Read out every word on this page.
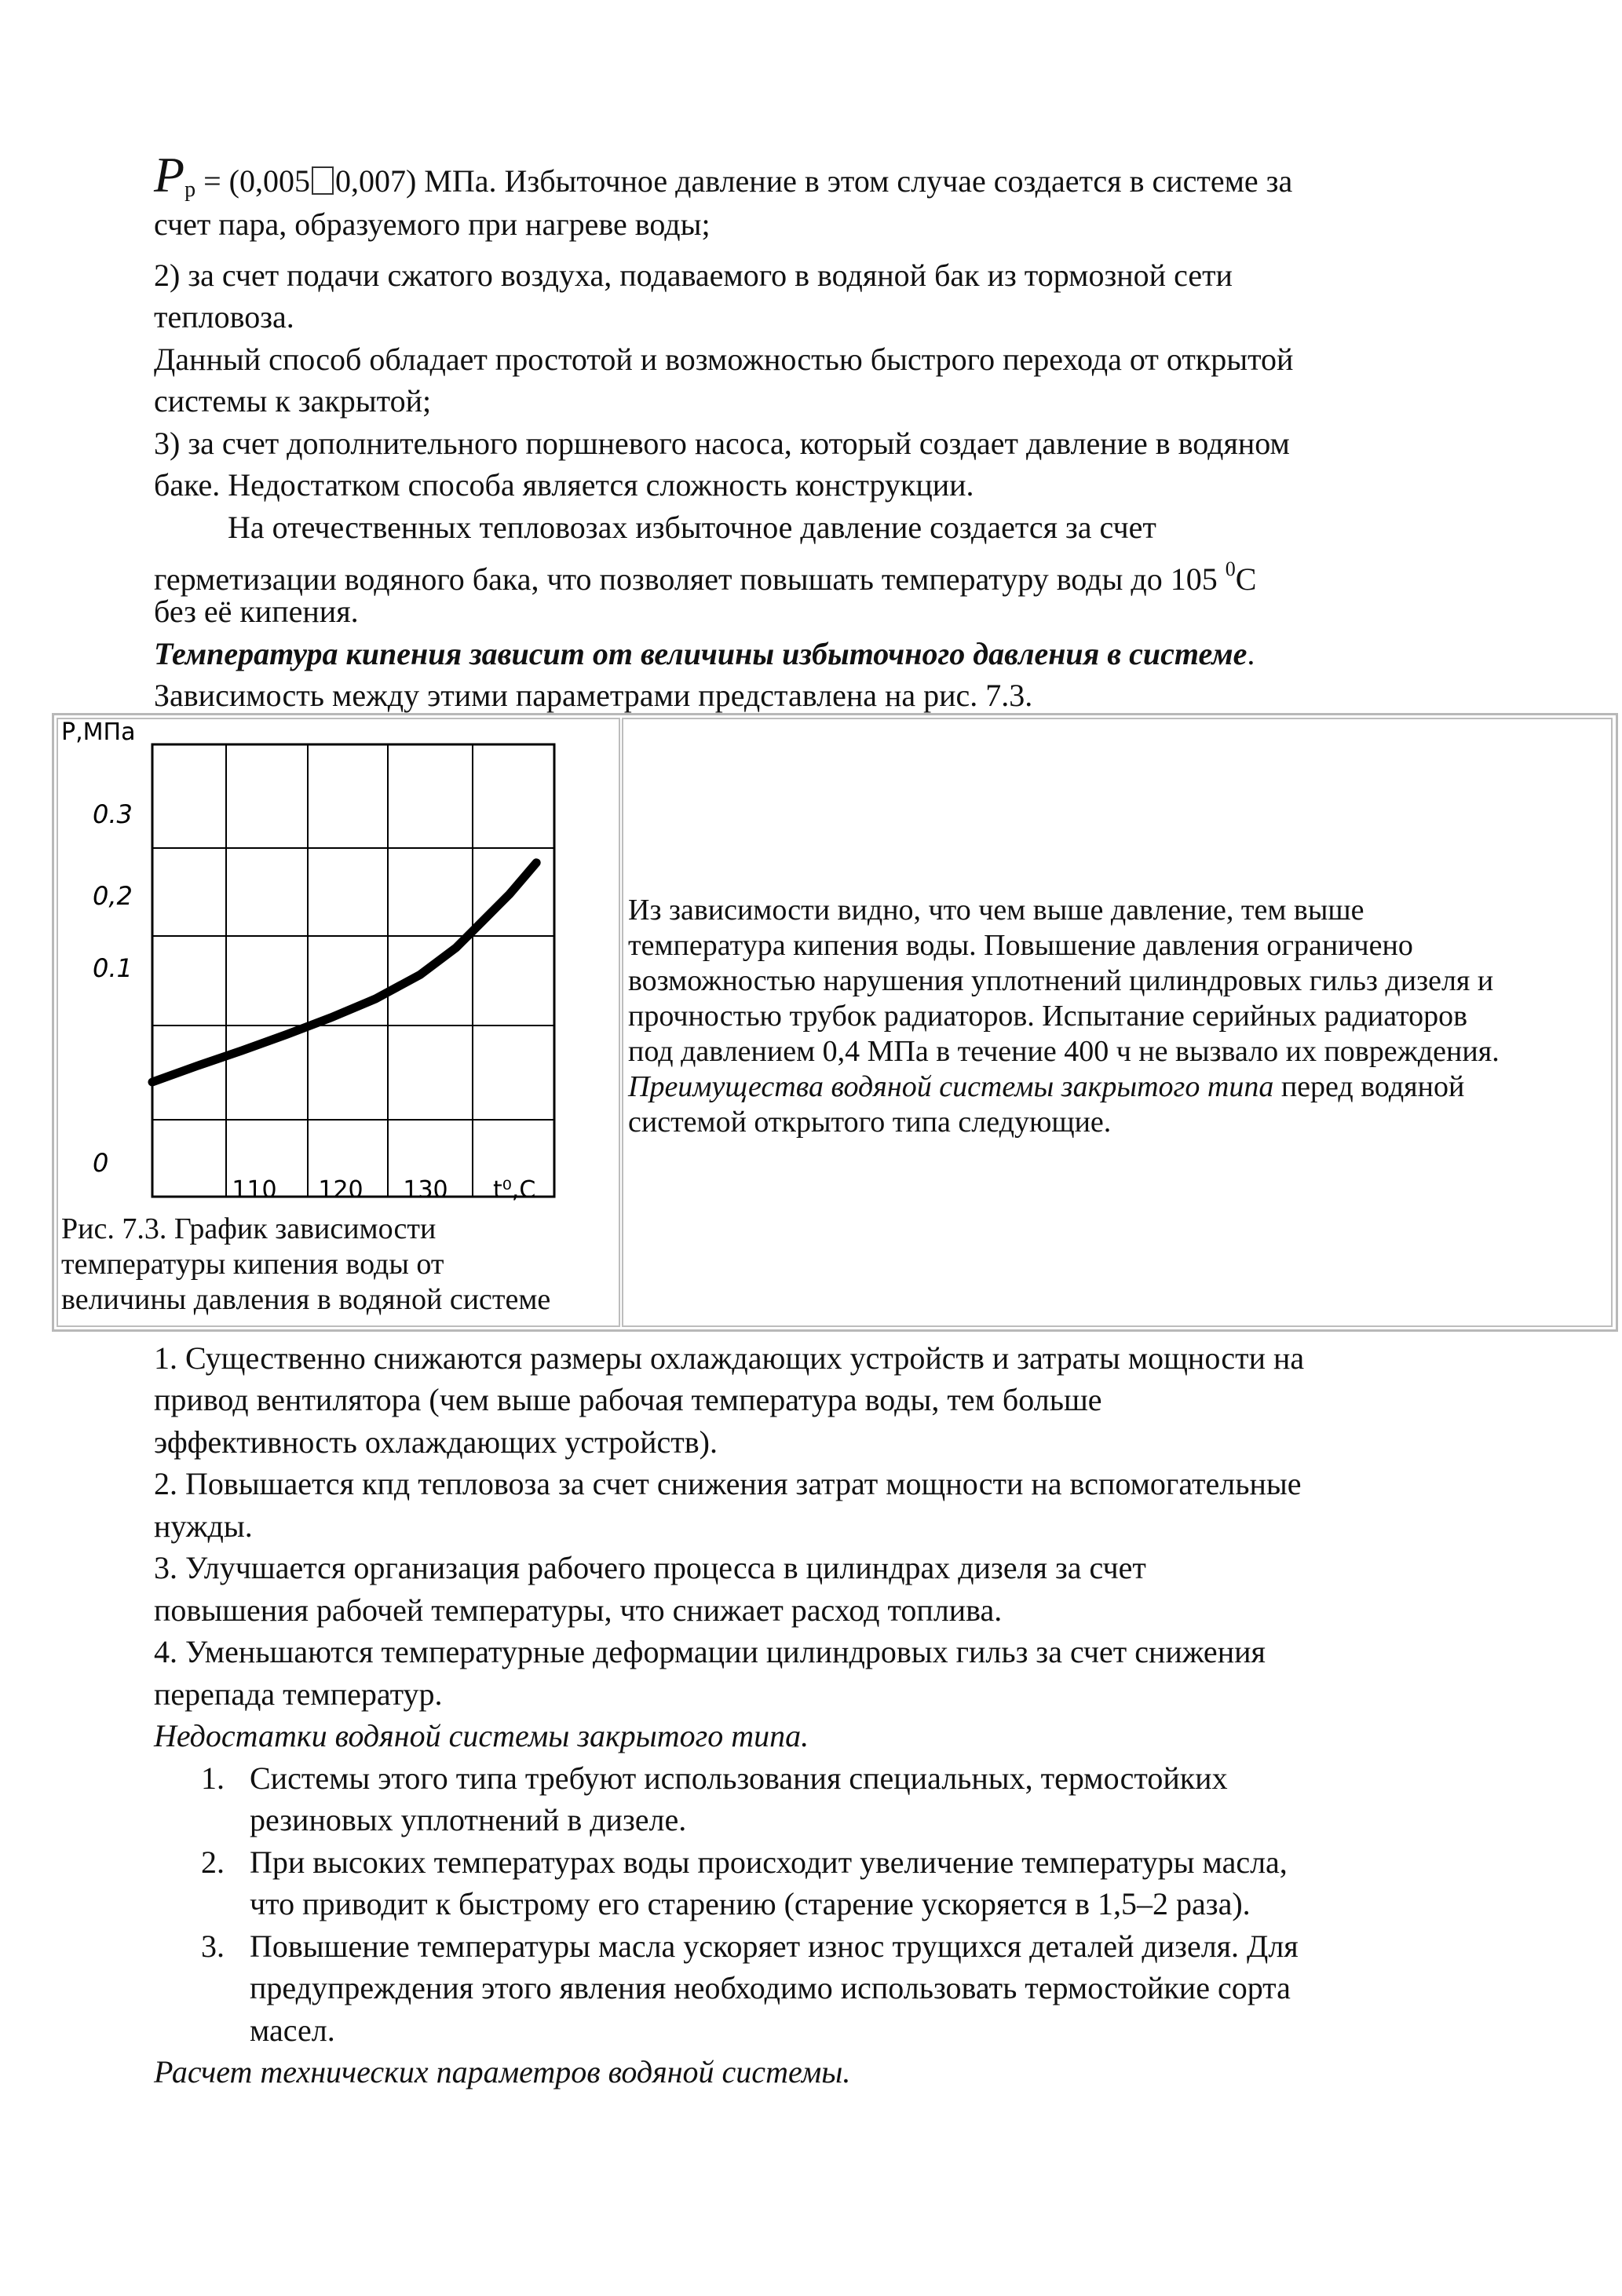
$P_р = (0,005$ 0,007) МПа. Избыточное давление в этом случае создается в системе за
счет пара, образуемого при нагреве воды;
2) за счет подачи сжатого воздуха, подаваемого в водяной бак из тормозной сети
тепловоза.
Данный способ обладает простотой и возможностью быстрого перехода от открытой
системы к закрытой;
3) за счет дополнительного поршневого насоса, который создает давление в водяном
баке. Недостатком способа является сложность конструкции.
На отечественных тепловозах избыточное давление создается за счет
герметизации водяного бака, что позволяет повышать температуру воды до 105 $^0$С
без её кипения.
Температура кипения зависит от величины избыточного давления в системе.
Зависимость между этими параметрами представлена на рис. 7.3.
Р,МПа
0
0.1
0,2
0.3
110 120 130 t⁰,С
Рис. 7.3. График зависимости
температуры кипения воды от
величины давления в водяной системе
Из зависимости видно, что чем выше давление, тем выше
температура кипения воды. Повышение давления ограничено
возможностью нарушения уплотнений цилиндровых гильз дизеля и
прочностью трубок радиаторов. Испытание серийных радиаторов
под давлением 0,4 МПа в течение 400 ч не вызвало их повреждения.
Преимущества водяной системы закрытого типа перед водяной
системой открытого типа следующие.
1. Существенно снижаются размеры охлаждающих устройств и затраты мощности на
привод вентилятора (чем выше рабочая температура воды, тем больше
эффективность охлаждающих устройств).
2. Повышается кпд тепловоза за счет снижения затрат мощности на вспомогательные
нужды.
3. Улучшается организация рабочего процесса в цилиндрах дизеля за счет
повышения рабочей температуры, что снижает расход топлива.
4. Уменьшаются температурные деформации цилиндровых гильз за счет снижения
перепада температур.
Недостатки водяной системы закрытого типа.
1. Системы этого типа требуют использования специальных, термостойких
резиновых уплотнений в дизеле.
2. При высоких температурах воды происходит увеличение температуры масла,
что приводит к быстрому его старению (старение ускоряется в 1,5–2 раза).
3. Повышение температуры масла ускоряет износ трущихся деталей дизеля. Для
предупреждения этого явления необходимо использовать термостойкие сорта
масел.
Расчет технических параметров водяной системы.
